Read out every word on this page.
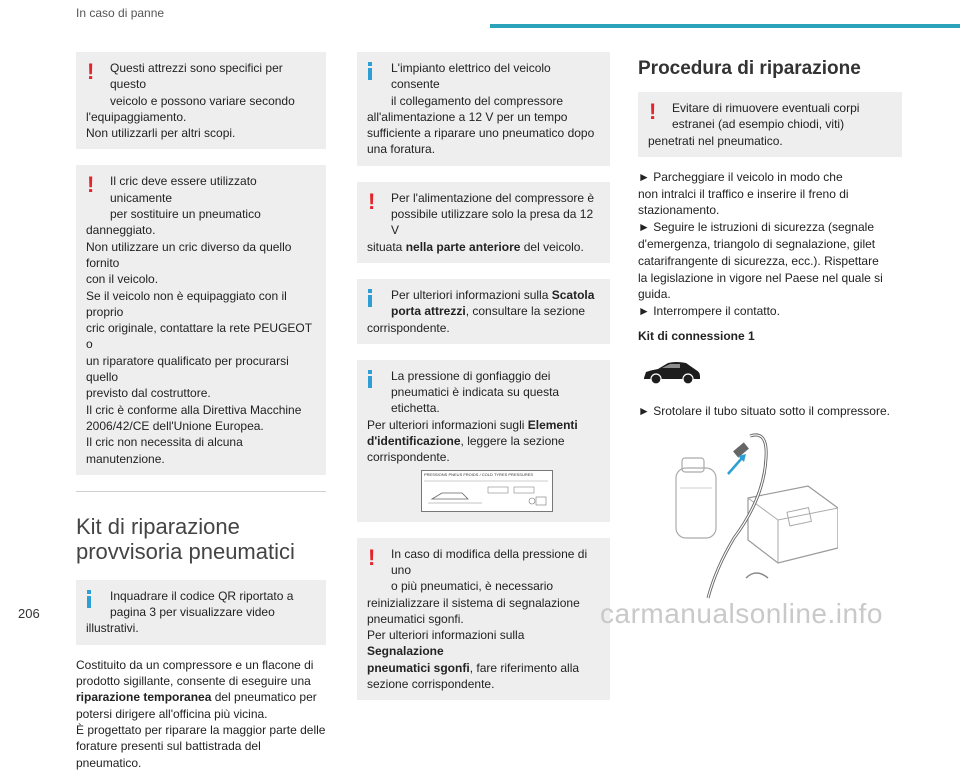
In caso di panne
!	Questi attrezzi sono specifici per questo

veicolo e possono variare secondo

l'equipaggiamento.

Non utilizzarli per altri scopi.

!	Il cric deve essere utilizzato unicamente

per sostituire un pneumatico

danneggiato.

Non utilizzare un cric diverso da quello fornito

con il veicolo.

Se il veicolo non è equipaggiato con il proprio

cric originale, contattare la rete PEUGEOT o

un riparatore qualificato per procurarsi quello

previsto dal costruttore.

Il cric è conforme alla Direttiva Macchine

2006/42/CE dell'Unione Europea.

Il cric non necessita di alcuna manutenzione.

Kit di riparazione
provvisoria pneumatici

Inquadrare il codice QR riportato a

pagina 3 per visualizzare video

illustrativi.

Costituito da un compressore e un flacone di

prodotto sigillante, consente di eseguire una

riparazione temporanea del pneumatico per

potersi dirigere all'officina più vicina.

È progettato per riparare la maggior parte delle

forature presenti sul battistrada del pneumatico.

L'impianto elettrico del veicolo consente

il collegamento del compressore

all'alimentazione a 12 V per un tempo

sufficiente a riparare uno pneumatico dopo

una foratura.

!	Per l'alimentazione del compressore è

possibile utilizzare solo la presa da 12 V

situata nella parte anteriore del veicolo.

Per ulteriori informazioni sulla Scatola

porta attrezzi, consultare la sezione

corrispondente.

La pressione di gonfiaggio dei

pneumatici è indicata su questa etichetta.

Per ulteriori informazioni sugli Elementi

d'identificazione, leggere la sezione

corrispondente.

PRESSIONS PNEUS FROIDS / COLD TYRES PRESSURES
!	In caso di modifica della pressione di uno

o più pneumatici, è necessario

reinizializzare il sistema di segnalazione

pneumatici sgonfi.

Per ulteriori informazioni sulla Segnalazione

pneumatici sgonfi, fare riferimento alla

sezione corrispondente.

Procedura di riparazione
!	Evitare di rimuovere eventuali corpi

estranei (ad esempio chiodi, viti)

penetrati nel pneumatico.

► Parcheggiare il veicolo in modo che

non intralci il traffico e inserire il freno di

stazionamento.

► Seguire le istruzioni di sicurezza (segnale

d'emergenza, triangolo di segnalazione, gilet

catarifrangente di sicurezza, ecc.). Rispettare

la legislazione in vigore nel Paese nel quale si

guida.

► Interrompere il contatto.

Kit di connessione 1

► Srotolare il tubo situato sotto il compressore.

206	carmanualsonline.info
